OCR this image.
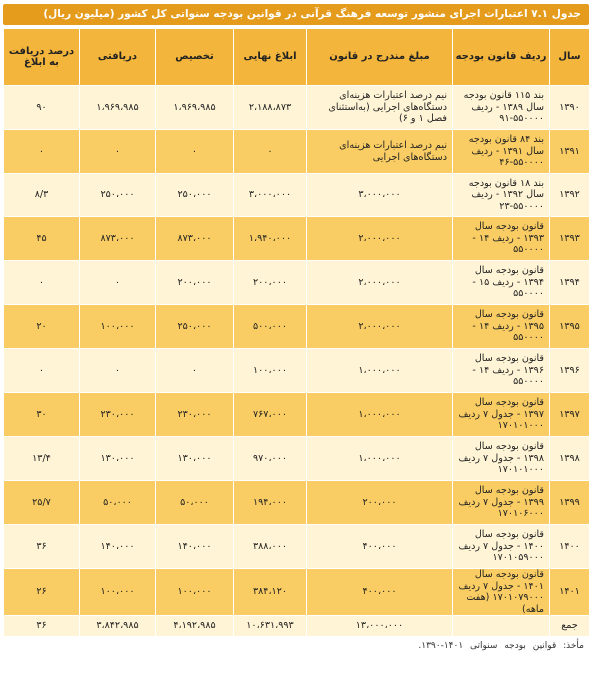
جدول ۷.۱ اعتبارات اجرای منشور توسعه فرهنگ قرآنی در قوانین بودجه سنواتی کل کشور (میلیون ریال)
سال	ردیف قانون بودجه	مبلغ مندرج در قانون	ابلاغ نهایی	تخصیص	دریافتی	درصد دریافت به ابلاغ
۱۳۹۰	بند ۱۱۵ قانون بودجه سال ۱۳۸۹ - ردیف ۵۵۰۰۰۰-۹۱	نیم درصد اعتبارات هزینه‌ای دستگاه‌های اجرایی (به‌استثنای فصل ۱ و ۶)	۲،۱۸۸،۸۷۳	۱،۹۶۹،۹۸۵	۱،۹۶۹،۹۸۵	۹۰
۱۳۹۱	بند ۸۴ قانون بودجه سال ۱۳۹۱ - ردیف ۵۵۰۰۰۰-۴۶	نیم درصد اعتبارات هزینه‌ای دستگاه‌های اجرایی	۰	۰	۰	۰
۱۳۹۲	بند ۱۸ قانون بودجه سال ۱۳۹۲ - ردیف ۵۵۰۰۰۰-۲۳	۳،۰۰۰،۰۰۰	۳،۰۰۰،۰۰۰	۲۵۰،۰۰۰	۲۵۰،۰۰۰	۸/۳
۱۳۹۳	قانون بودجه سال ۱۳۹۳ - ردیف ۱۴ - ۵۵۰۰۰۰	۲،۰۰۰،۰۰۰	۱،۹۴۰،۰۰۰	۸۷۳،۰۰۰	۸۷۳،۰۰۰	۴۵
۱۳۹۴	قانون بودجه سال ۱۳۹۴ - ردیف ۱۵ - ۵۵۰۰۰۰	۲،۰۰۰،۰۰۰	۲۰۰،۰۰۰	۲۰۰،۰۰۰	۰	۰
۱۳۹۵	قانون بودجه سال ۱۳۹۵ - ردیف ۱۴ - ۵۵۰۰۰۰	۲،۰۰۰،۰۰۰	۵۰۰،۰۰۰	۲۵۰،۰۰۰	۱۰۰،۰۰۰	۲۰
۱۳۹۶	قانون بودجه سال ۱۳۹۶ - ردیف ۱۴ - ۵۵۰۰۰۰	۱،۰۰۰،۰۰۰	۱۰۰،۰۰۰	۰	۰	۰
۱۳۹۷	قانون بودجه سال ۱۳۹۷ - جدول ۷ ردیف ۱۷۰۱۰۱۰۰۰	۱،۰۰۰،۰۰۰	۷۶۷،۰۰۰	۲۳۰،۰۰۰	۲۳۰،۰۰۰	۳۰
۱۳۹۸	قانون بودجه سال ۱۳۹۸ - جدول ۷ ردیف ۱۷۰۱۰۱۰۰۰	۱،۰۰۰،۰۰۰	۹۷۰،۰۰۰	۱۳۰،۰۰۰	۱۳۰،۰۰۰	۱۳/۴
۱۳۹۹	قانون بودجه سال ۱۳۹۹ - جدول ۷ ردیف ۱۷۰۱۰۶۰۰۰	۲۰۰،۰۰۰	۱۹۴،۰۰۰	۵۰،۰۰۰	۵۰،۰۰۰	۲۵/۷
۱۴۰۰	قانون بودجه سال ۱۴۰۰ - جدول ۷ ردیف ۱۷۰۱۰۵۹۰۰۰	۴۰۰،۰۰۰	۳۸۸،۰۰۰	۱۴۰،۰۰۰	۱۴۰،۰۰۰	۳۶
۱۴۰۱	قانون بودجه سال ۱۴۰۱ - جدول ۷ ردیف ۱۷۰۱۰۷۹۰۰۰ (هفت ماهه)	۴۰۰،۰۰۰	۳۸۴،۱۲۰	۱۰۰،۰۰۰	۱۰۰،۰۰۰	۲۶
جمع		۱۳،۰۰۰،۰۰۰	۱۰،۶۳۱،۹۹۳	۴،۱۹۲،۹۸۵	۳،۸۴۲،۹۸۵	۳۶
مأخذ: قوانین بودجه سنواتی ۱۴۰۱-۱۳۹۰.
